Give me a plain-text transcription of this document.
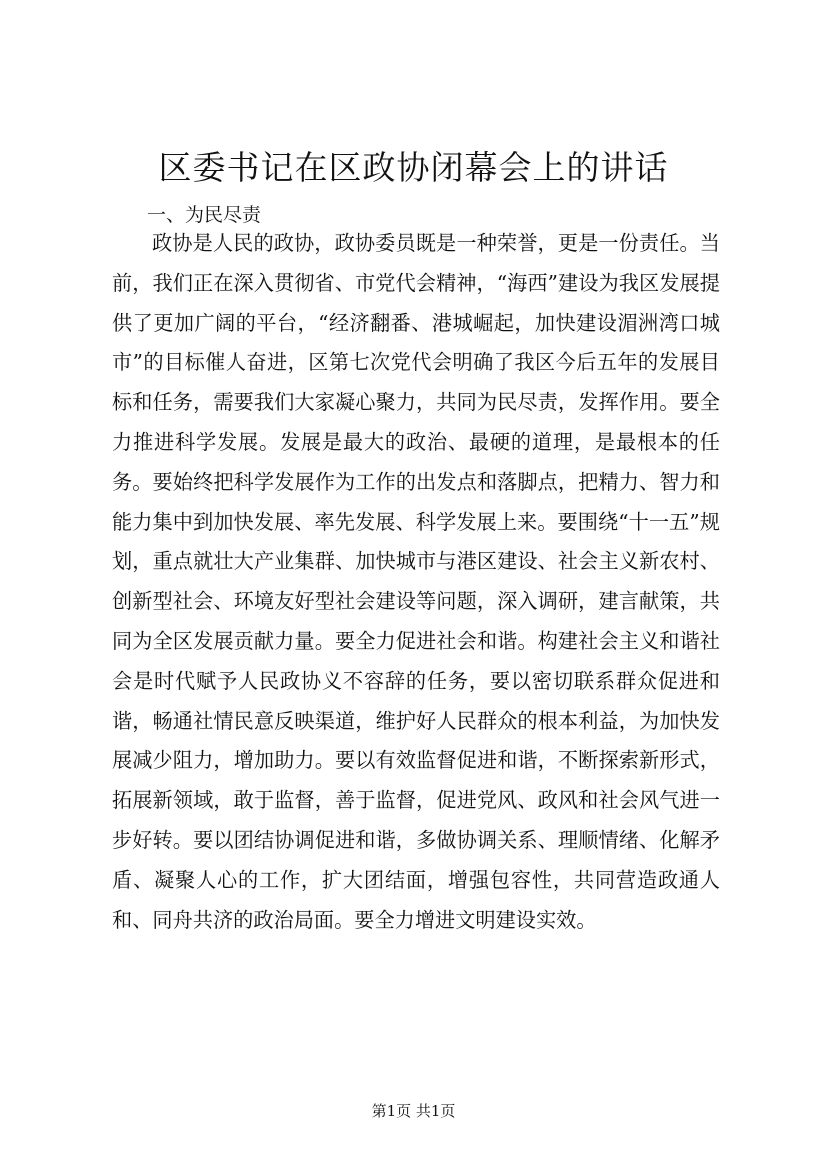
区委书记在区政协闭幕会上的讲话

一、为民尽责

政协是人民的政协，政协委员既是一种荣誉，更是一份责任。当前，我们正在深入贯彻省、市党代会精神，“海西”建设为我区发展提供了更加广阔的平台，“经济翻番、港城崛起，加快建设湄洲湾口城市”的目标催人奋进，区第七次党代会明确了我区今后五年的发展目标和任务，需要我们大家凝心聚力，共同为民尽责，发挥作用。要全力推进科学发展。发展是最大的政治、最硬的道理，是最根本的任务。要始终把科学发展作为工作的出发点和落脚点，把精力、智力和能力集中到加快发展、率先发展、科学发展上来。要围绕“十一五”规划，重点就壮大产业集群、加快城市与港区建设、社会主义新农村、创新型社会、环境友好型社会建设等问题，深入调研，建言献策，共同为全区发展贡献力量。要全力促进社会和谐。构建社会主义和谐社会是时代赋予人民政协义不容辞的任务，要以密切联系群众促进和谐，畅通社情民意反映渠道，维护好人民群众的根本利益，为加快发展减少阻力，增加助力。要以有效监督促进和谐，不断探索新形式，拓展新领域，敢于监督，善于监督，促进党风、政风和社会风气进一步好转。要以团结协调促进和谐，多做协调关系、理顺情绪、化解矛盾、凝聚人心的工作，扩大团结面，增强包容性，共同营造政通人和、同舟共济的政治局面。要全力增进文明建设实效。

第1页 共1页
